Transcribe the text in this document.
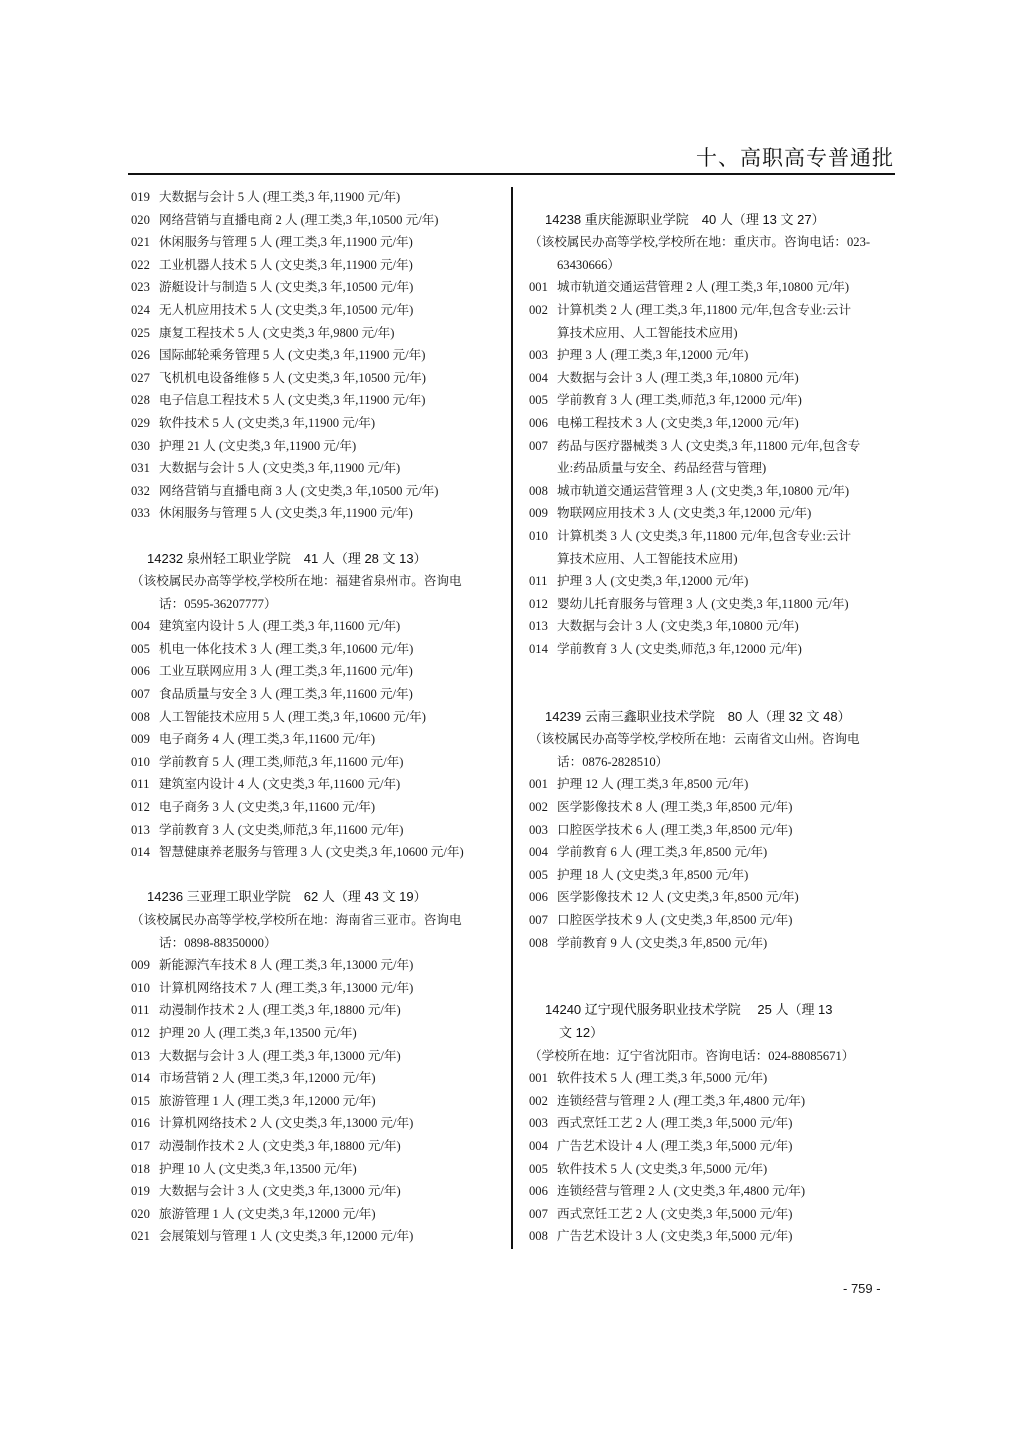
十、高职高专普通批
019 大数据与会计 5 人 (理工类,3 年,11900 元/年)
020 网络营销与直播电商 2 人 (理工类,3 年,10500 元/年)
021 休闲服务与管理 5 人 (理工类,3 年,11900 元/年)
022 工业机器人技术 5 人 (文史类,3 年,11900 元/年)
023 游艇设计与制造 5 人 (文史类,3 年,10500 元/年)
024 无人机应用技术 5 人 (文史类,3 年,10500 元/年)
025 康复工程技术 5 人 (文史类,3 年,9800 元/年)
026 国际邮轮乘务管理 5 人 (文史类,3 年,11900 元/年)
027 飞机机电设备维修 5 人 (文史类,3 年,10500 元/年)
028 电子信息工程技术 5 人 (文史类,3 年,11900 元/年)
029 软件技术 5 人 (文史类,3 年,11900 元/年)
030 护理 21 人 (文史类,3 年,11900 元/年)
031 大数据与会计 5 人 (文史类,3 年,11900 元/年)
032 网络营销与直播电商 3 人 (文史类,3 年,10500 元/年)
033 休闲服务与管理 5 人 (文史类,3 年,11900 元/年)
14232 泉州轻工职业学院　41 人（理 28 文 13）
（该校属民办高等学校,学校所在地：福建省泉州市。咨询电
话：0595-36207777）
004 建筑室内设计 5 人 (理工类,3 年,11600 元/年)
005 机电一体化技术 3 人 (理工类,3 年,10600 元/年)
006 工业互联网应用 3 人 (理工类,3 年,11600 元/年)
007 食品质量与安全 3 人 (理工类,3 年,11600 元/年)
008 人工智能技术应用 5 人 (理工类,3 年,10600 元/年)
009 电子商务 4 人 (理工类,3 年,11600 元/年)
010 学前教育 5 人 (理工类,师范,3 年,11600 元/年)
011 建筑室内设计 4 人 (文史类,3 年,11600 元/年)
012 电子商务 3 人 (文史类,3 年,11600 元/年)
013 学前教育 3 人 (文史类,师范,3 年,11600 元/年)
014 智慧健康养老服务与管理 3 人 (文史类,3 年,10600 元/年)
14236 三亚理工职业学院　62 人（理 43 文 19）
（该校属民办高等学校,学校所在地：海南省三亚市。咨询电
话：0898-88350000）
009 新能源汽车技术 8 人 (理工类,3 年,13000 元/年)
010 计算机网络技术 7 人 (理工类,3 年,13000 元/年)
011 动漫制作技术 2 人 (理工类,3 年,18800 元/年)
012 护理 20 人 (理工类,3 年,13500 元/年)
013 大数据与会计 3 人 (理工类,3 年,13000 元/年)
014 市场营销 2 人 (理工类,3 年,12000 元/年)
015 旅游管理 1 人 (理工类,3 年,12000 元/年)
016 计算机网络技术 2 人 (文史类,3 年,13000 元/年)
017 动漫制作技术 2 人 (文史类,3 年,18800 元/年)
018 护理 10 人 (文史类,3 年,13500 元/年)
019 大数据与会计 3 人 (文史类,3 年,13000 元/年)
020 旅游管理 1 人 (文史类,3 年,12000 元/年)
021 会展策划与管理 1 人 (文史类,3 年,12000 元/年)
14238 重庆能源职业学院　40 人（理 13 文 27）
（该校属民办高等学校,学校所在地：重庆市。咨询电话：023-
63430666）
001 城市轨道交通运营管理 2 人 (理工类,3 年,10800 元/年)
002 计算机类 2 人 (理工类,3 年,11800 元/年,包含专业:云计
算技术应用、人工智能技术应用)
003 护理 3 人 (理工类,3 年,12000 元/年)
004 大数据与会计 3 人 (理工类,3 年,10800 元/年)
005 学前教育 3 人 (理工类,师范,3 年,12000 元/年)
006 电梯工程技术 3 人 (文史类,3 年,12000 元/年)
007 药品与医疗器械类 3 人 (文史类,3 年,11800 元/年,包含专
业:药品质量与安全、药品经营与管理)
008 城市轨道交通运营管理 3 人 (文史类,3 年,10800 元/年)
009 物联网应用技术 3 人 (文史类,3 年,12000 元/年)
010 计算机类 3 人 (文史类,3 年,11800 元/年,包含专业:云计
算技术应用、人工智能技术应用)
011 护理 3 人 (文史类,3 年,12000 元/年)
012 婴幼儿托育服务与管理 3 人 (文史类,3 年,11800 元/年)
013 大数据与会计 3 人 (文史类,3 年,10800 元/年)
014 学前教育 3 人 (文史类,师范,3 年,12000 元/年)
14239 云南三鑫职业技术学院　80 人（理 32 文 48）
（该校属民办高等学校,学校所在地：云南省文山州。咨询电
话：0876-2828510）
001 护理 12 人 (理工类,3 年,8500 元/年)
002 医学影像技术 8 人 (理工类,3 年,8500 元/年)
003 口腔医学技术 6 人 (理工类,3 年,8500 元/年)
004 学前教育 6 人 (理工类,3 年,8500 元/年)
005 护理 18 人 (文史类,3 年,8500 元/年)
006 医学影像技术 12 人 (文史类,3 年,8500 元/年)
007 口腔医学技术 9 人 (文史类,3 年,8500 元/年)
008 学前教育 9 人 (文史类,3 年,8500 元/年)
14240 辽宁现代服务职业技术学院　 25 人（理 13
文 12）
（学校所在地：辽宁省沈阳市。咨询电话：024-88085671）
001 软件技术 5 人 (理工类,3 年,5000 元/年)
002 连锁经营与管理 2 人 (理工类,3 年,4800 元/年)
003 西式烹饪工艺 2 人 (理工类,3 年,5000 元/年)
004 广告艺术设计 4 人 (理工类,3 年,5000 元/年)
005 软件技术 5 人 (文史类,3 年,5000 元/年)
006 连锁经营与管理 2 人 (文史类,3 年,4800 元/年)
007 西式烹饪工艺 2 人 (文史类,3 年,5000 元/年)
008 广告艺术设计 3 人 (文史类,3 年,5000 元/年)
- 759 -
